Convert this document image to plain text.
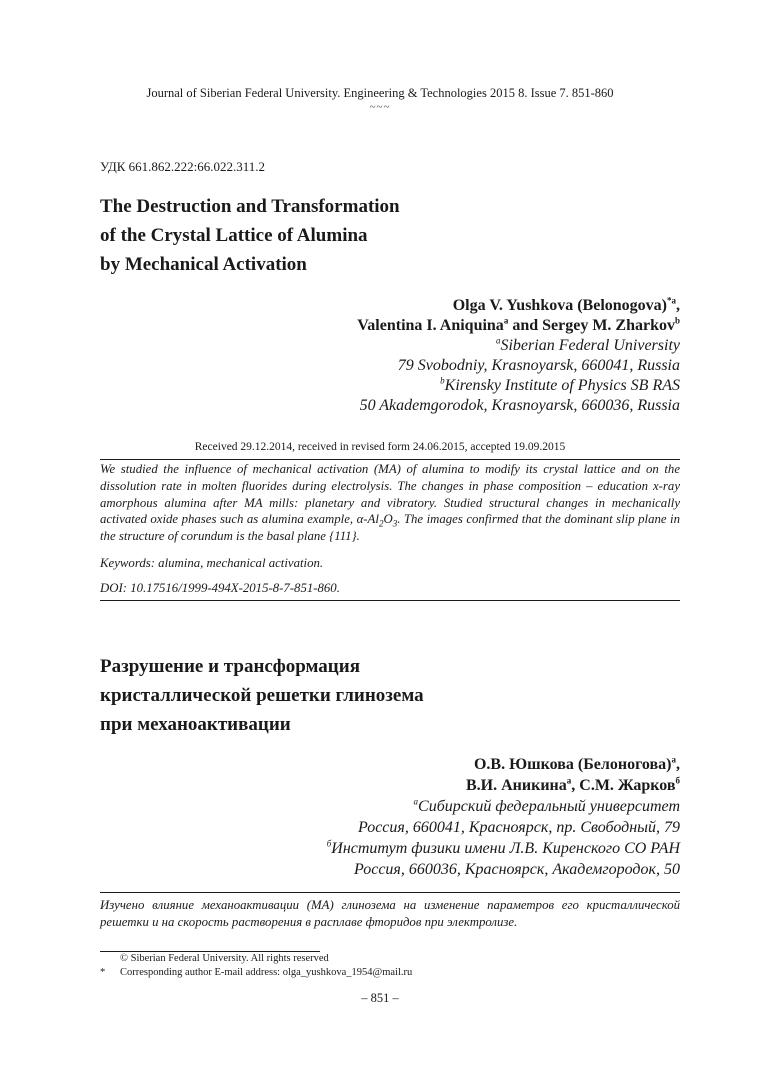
Journal of Siberian Federal University. Engineering & Technologies 2015 8. Issue 7. 851-860
~~~
УДК 661.862.222:66.022.311.2
The Destruction and Transformation
of the Crystal Lattice of Alumina
by Mechanical Activation
Olga V. Yushkova (Belonogova)$^{*a}$,
Valentina I. Aniquina$^a$ and Sergey M. Zharkov$^b$
$^a$Siberian Federal University
79 Svobodniy, Krasnoyarsk, 660041, Russia
$^b$Kirensky Institute of Physics SB RAS
50 Akademgorodok, Krasnoyarsk, 660036, Russia
Received 29.12.2014, received in revised form 24.06.2015, accepted 19.09.2015
We studied the influence of mechanical activation (MA) of alumina to modify its crystal lattice and on the dissolution rate in molten fluorides during electrolysis. The changes in phase composition – education x-ray amorphous alumina after MA mills: planetary and vibratory. Studied structural changes in mechanically activated oxide phases such as alumina example, $\alpha-Al_2O_3$. The images confirmed that the dominant slip plane in the structure of corundum is the basal plane {111}.
Keywords: alumina, mechanical activation.
DOI: 10.17516/1999-494X-2015-8-7-851-860.
Разрушение и трансформация
кристаллической решетки глинозема
при механоактивации
О.В. Юшкова (Белоногова)$^а$,
В.И. Аникина$^а$, С.М. Жарков$^б$
$^а$Сибирский федеральный университет
Россия, 660041, Красноярск, пр. Свободный, 79
$^б$Институт физики имени Л.В. Киренского СО РАН
Россия, 660036, Красноярск, Академгородок, 50
Изучено влияние механоактивации (МА) глинозема на изменение параметров его кристаллической решетки и на скорость растворения в расплаве фторидов при электролизе.
© Siberian Federal University. All rights reserved
* Corresponding author E-mail address: olga_yushkova_1954@mail.ru
– 851 –
